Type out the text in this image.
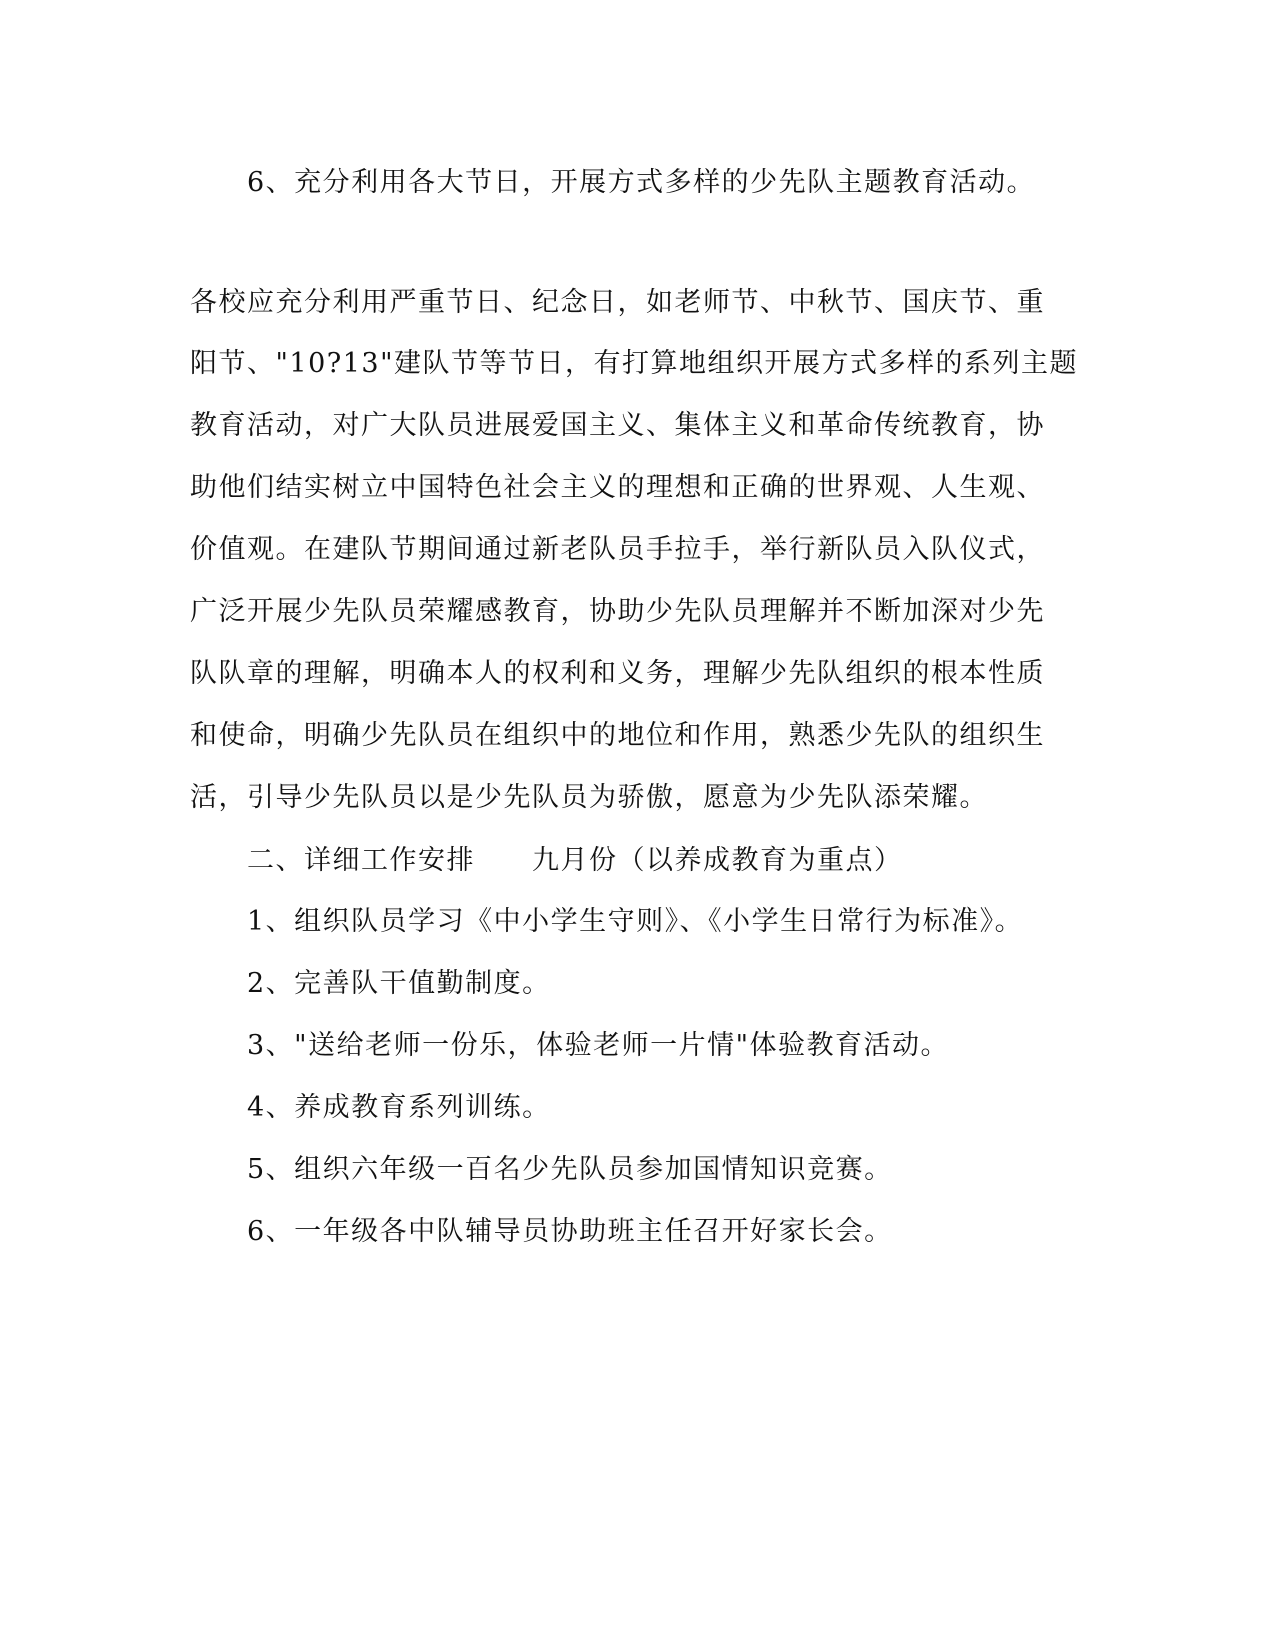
6、充分利用各大节日，开展方式多样的少先队主题教育活动。
各校应充分利用严重节日、纪念日，如老师节、中秋节、国庆节、重
阳节、"10?13"建队节等节日，有打算地组织开展方式多样的系列主题
教育活动，对广大队员进展爱国主义、集体主义和革命传统教育，协
助他们结实树立中国特色社会主义的理想和正确的世界观、人生观、
价值观。在建队节期间通过新老队员手拉手，举行新队员入队仪式，
广泛开展少先队员荣耀感教育，协助少先队员理解并不断加深对少先
队队章的理解，明确本人的权利和义务，理解少先队组织的根本性质
和使命，明确少先队员在组织中的地位和作用，熟悉少先队的组织生
活，引导少先队员以是少先队员为骄傲，愿意为少先队添荣耀。
二、详细工作安排　　九月份（以养成教育为重点）
1、组织队员学习《中小学生守则》、《小学生日常行为标准》。
2、完善队干值勤制度。
3、"送给老师一份乐，体验老师一片情"体验教育活动。
4、养成教育系列训练。
5、组织六年级一百名少先队员参加国情知识竞赛。
6、一年级各中队辅导员协助班主任召开好家长会。
